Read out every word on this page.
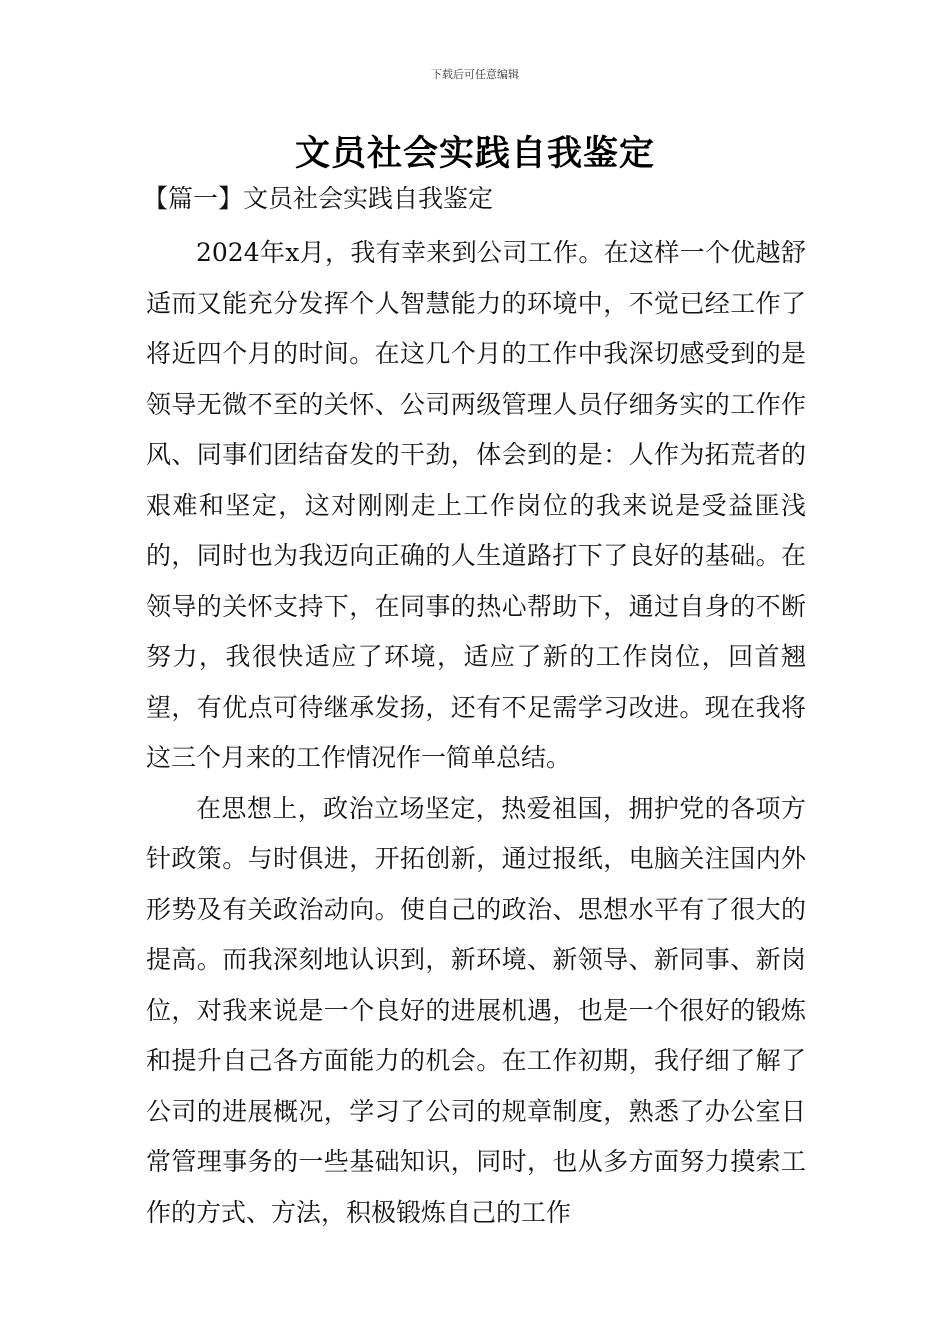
下载后可任意编辑
文员社会实践自我鉴定
【篇一】文员社会实践自我鉴定

2024年x月，我有幸来到公司工作。在这样一个优越舒适而又能充分发挥个人智慧能力的环境中，不觉已经工作了将近四个月的时间。在这几个月的工作中我深切感受到的是领导无微不至的关怀、公司两级管理人员仔细务实的工作作风、同事们团结奋发的干劲，体会到的是：人作为拓荒者的艰难和坚定，这对刚刚走上工作岗位的我来说是受益匪浅的，同时也为我迈向正确的人生道路打下了良好的基础。在领导的关怀支持下，在同事的热心帮助下，通过自身的不断努力，我很快适应了环境，适应了新的工作岗位，回首翘望，有优点可待继承发扬，还有不足需学习改进。现在我将这三个月来的工作情况作一简单总结。

在思想上，政治立场坚定，热爱祖国，拥护党的各项方针政策。与时俱进，开拓创新，通过报纸，电脑关注国内外形势及有关政治动向。使自己的政治、思想水平有了很大的提高。而我深刻地认识到，新环境、新领导、新同事、新岗位，对我来说是一个良好的进展机遇，也是一个很好的锻炼和提升自己各方面能力的机会。在工作初期，我仔细了解了公司的进展概况，学习了公司的规章制度，熟悉了办公室日常管理事务的一些基础知识，同时，也从多方面努力摸索工作的方式、方法，积极锻炼自己的工作
